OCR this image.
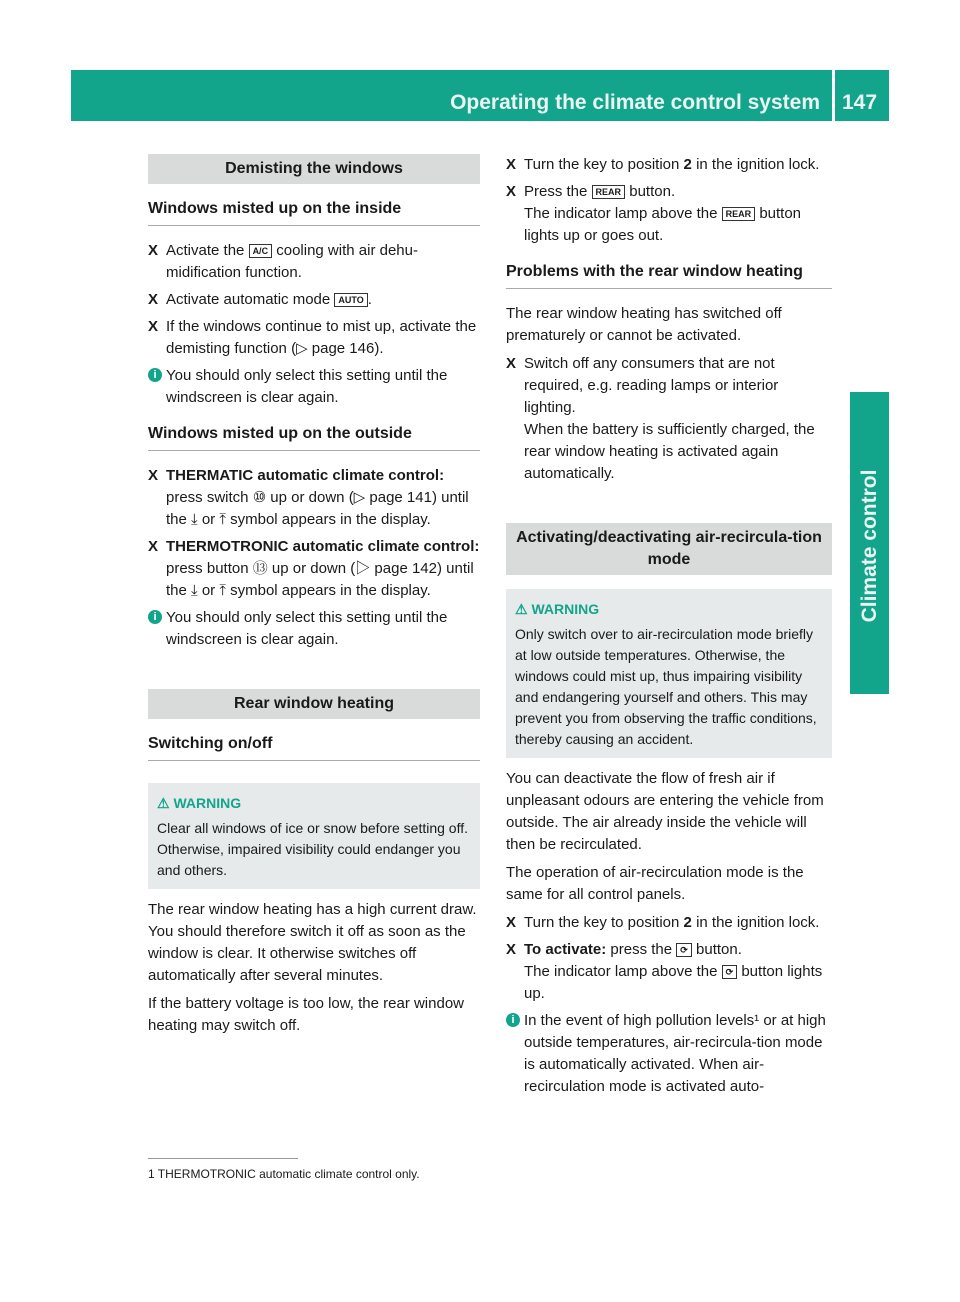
Operating the climate control system 147
Climate control
Demisting the windows
Windows misted up on the inside
X Activate the A/C cooling with air dehu-midification function.
X Activate automatic mode AUTO .
X If the windows continue to mist up, activate the demisting function (▷ page 146).
i You should only select this setting until the windscreen is clear again.
Windows misted up on the outside
X THERMATIC automatic climate control: press switch ⑩ up or down (▷ page 141) until the ⤓ or ⤒ symbol appears in the display.
X THERMOTRONIC automatic climate control: press button ⑬ up or down (▷ page 142) until the ⤓ or ⤒ symbol appears in the display.
i You should only select this setting until the windscreen is clear again.
Rear window heating
Switching on/off
⚠ WARNING
Clear all windows of ice or snow before setting off. Otherwise, impaired visibility could endanger you and others.

The rear window heating has a high current draw. You should therefore switch it off as soon as the window is clear. It otherwise switches off automatically after several minutes.

If the battery voltage is too low, the rear window heating may switch off.

X Turn the key to position 2 in the ignition lock.
X Press the REAR button.
The indicator lamp above the REAR button lights up or goes out.
Problems with the rear window heating

The rear window heating has switched off prematurely or cannot be activated.

X Switch off any consumers that are not required, e.g. reading lamps or interior lighting.
When the battery is sufficiently charged, the rear window heating is activated again automatically.
Activating/deactivating air-recircula-tion mode
⚠ WARNING
Only switch over to air-recirculation mode briefly at low outside temperatures. Otherwise, the windows could mist up, thus impairing visibility and endangering yourself and others. This may prevent you from observing the traffic conditions, thereby causing an accident.

You can deactivate the flow of fresh air if unpleasant odours are entering the vehicle from outside. The air already inside the vehicle will then be recirculated.

The operation of air-recirculation mode is the same for all control panels.

X Turn the key to position 2 in the ignition lock.
X To activate: press the ⟳ button.
The indicator lamp above the ⟳ button lights up.
i In the event of high pollution levels¹ or at high outside temperatures, air-recircula-tion mode is automatically activated. When air-recirculation mode is activated auto-
1 THERMOTRONIC automatic climate control only.
